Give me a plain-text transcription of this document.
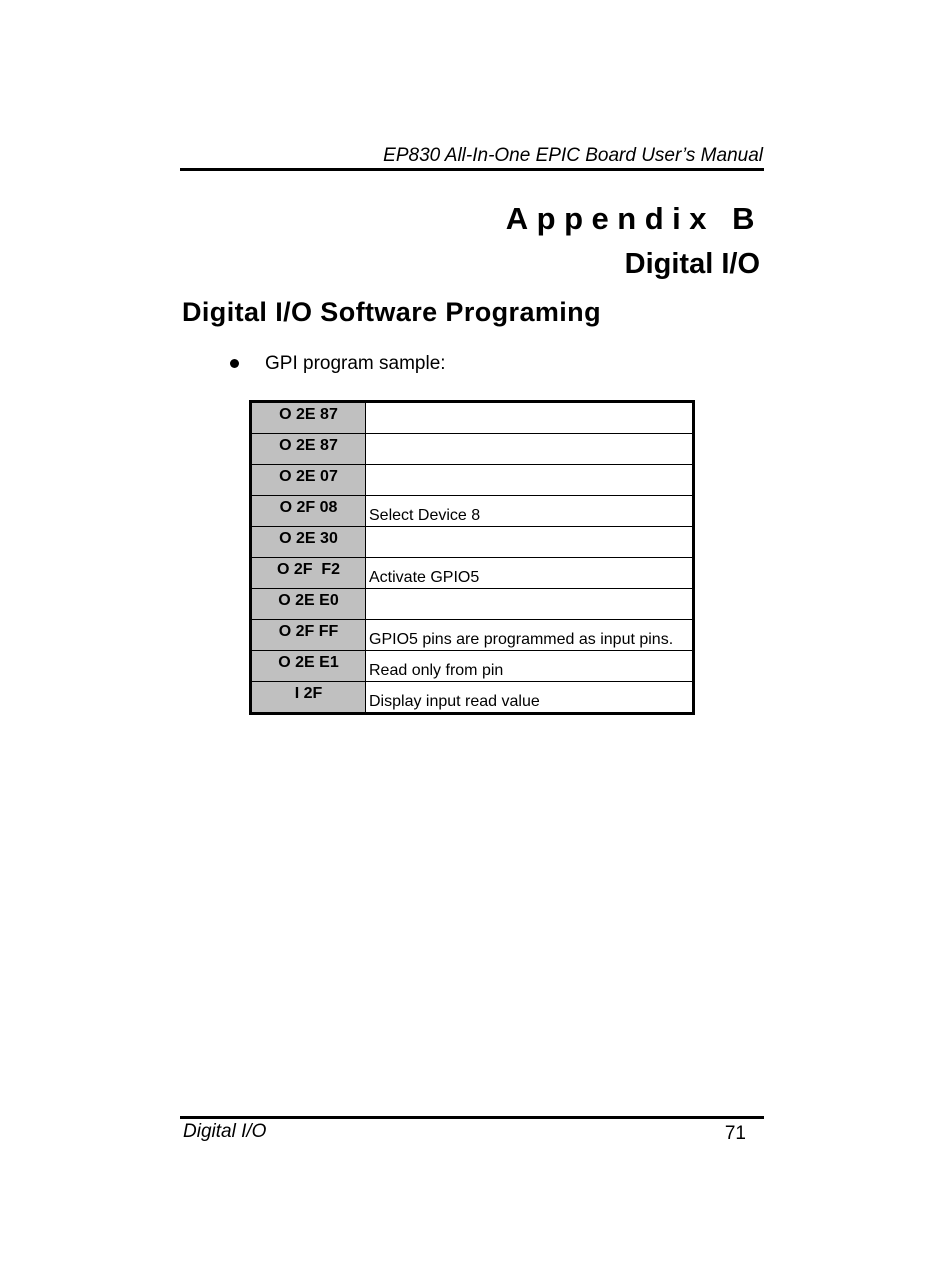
EP830 All-In-One EPIC Board User’s Manual
Appendix B
Digital I/O
Digital I/O Software Programing
GPI program sample:
O 2E 87	
O 2E 87	
O 2E 07	
O 2F 08	Select Device 8
O 2E 30	
O 2F  F2	Activate GPIO5
O 2E E0	
O 2F FF	GPIO5 pins are programmed as input pins.
O 2E E1	Read only from pin
I 2F	Display input read value
Digital I/O	71
